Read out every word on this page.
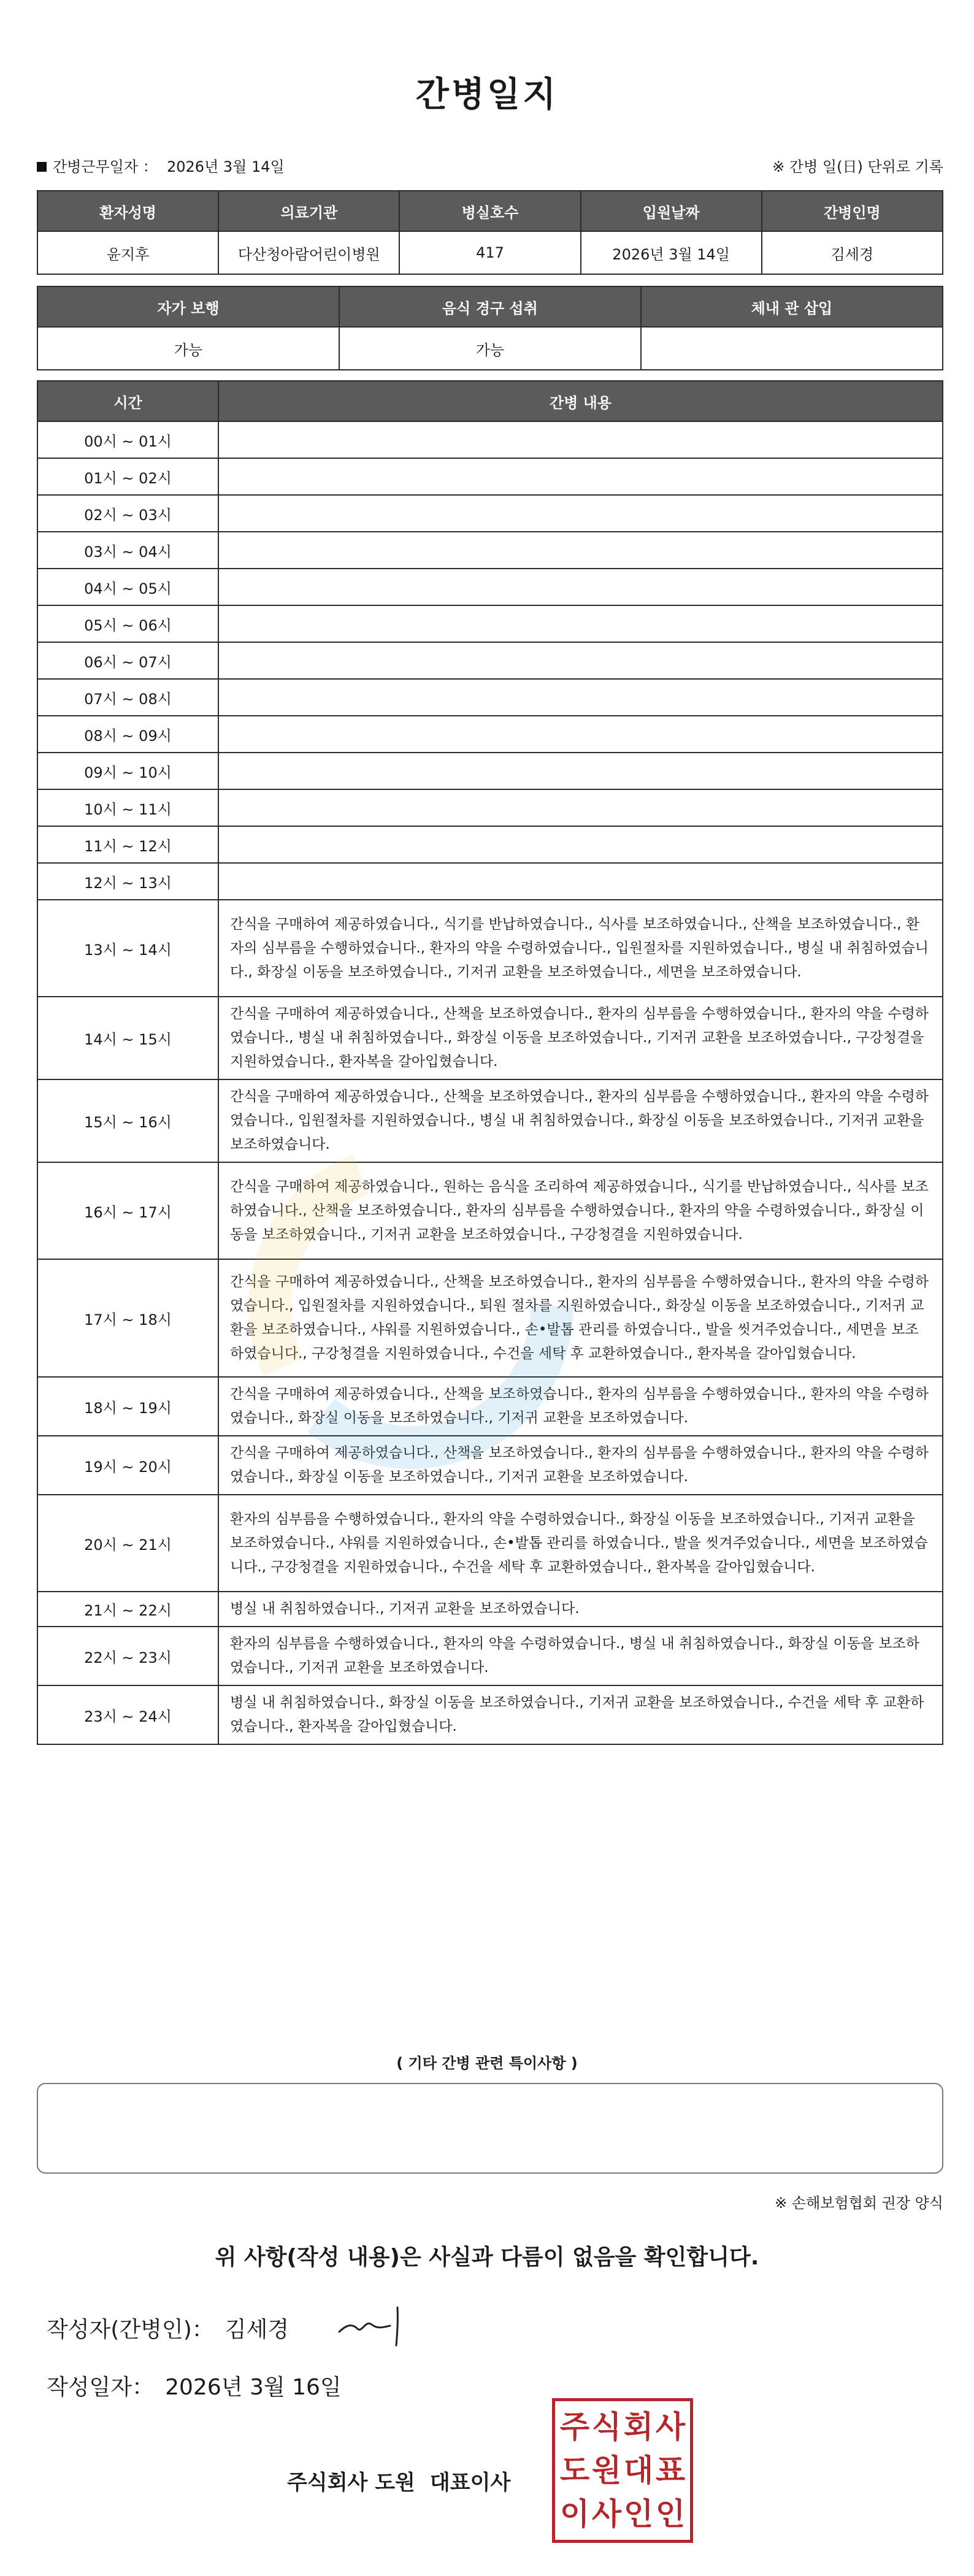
간병일지
간병근무일자 ： 2026년 3월 14일	※ 간병 일(日) 단위로 기록
환자성명	의료기관	병실호수	입원날짜	간병인명
윤지후	다산청아람어린이병원	417	2026년 3월 14일	김세경
자가 보행	음식 경구 섭취	체내 관 삽입
가능	가능	
시간	간병 내용
00시 ~ 01시	
01시 ~ 02시	
02시 ~ 03시	
03시 ~ 04시	
04시 ~ 05시	
05시 ~ 06시	
06시 ~ 07시	
07시 ~ 08시	
08시 ~ 09시	
09시 ~ 10시	
10시 ~ 11시	
11시 ~ 12시	
12시 ~ 13시	
13시 ~ 14시	간식을 구매하여 제공하였습니다., 식기를 반납하였습니다., 식사를 보조하였습니다., 산책을 보조하였습니다., 환자의 심부름을 수행하였습니다., 환자의 약을 수령하였습니다., 입원절차를 지원하였습니다., 병실 내 취침하였습니다., 화장실 이동을 보조하였습니다., 기저귀 교환을 보조하였습니다., 세면을 보조하였습니다.
14시 ~ 15시	간식을 구매하여 제공하였습니다., 산책을 보조하였습니다., 환자의 심부름을 수행하였습니다., 환자의 약을 수령하였습니다., 병실 내 취침하였습니다., 화장실 이동을 보조하였습니다., 기저귀 교환을 보조하였습니다., 구강청결을 지원하였습니다., 환자복을 갈아입혔습니다.
15시 ~ 16시	간식을 구매하여 제공하였습니다., 산책을 보조하였습니다., 환자의 심부름을 수행하였습니다., 환자의 약을 수령하였습니다., 입원절차를 지원하였습니다., 병실 내 취침하였습니다., 화장실 이동을 보조하였습니다., 기저귀 교환을 보조하였습니다.
16시 ~ 17시	간식을 구매하여 제공하였습니다., 원하는 음식을 조리하여 제공하였습니다., 식기를 반납하였습니다., 식사를 보조하였습니다., 산책을 보조하였습니다., 환자의 심부름을 수행하였습니다., 환자의 약을 수령하였습니다., 화장실 이동을 보조하였습니다., 기저귀 교환을 보조하였습니다., 구강청결을 지원하였습니다.
17시 ~ 18시	간식을 구매하여 제공하였습니다., 산책을 보조하였습니다., 환자의 심부름을 수행하였습니다., 환자의 약을 수령하였습니다., 입원절차를 지원하였습니다., 퇴원 절차를 지원하였습니다., 화장실 이동을 보조하였습니다., 기저귀 교환을 보조하였습니다., 샤워를 지원하였습니다., 손•발톱 관리를 하였습니다., 발을 씻겨주었습니다., 세면을 보조하였습니다., 구강청결을 지원하였습니다., 수건을 세탁 후 교환하였습니다., 환자복을 갈아입혔습니다.
18시 ~ 19시	간식을 구매하여 제공하였습니다., 산책을 보조하였습니다., 환자의 심부름을 수행하였습니다., 환자의 약을 수령하였습니다., 화장실 이동을 보조하였습니다., 기저귀 교환을 보조하였습니다.
19시 ~ 20시	간식을 구매하여 제공하였습니다., 산책을 보조하였습니다., 환자의 심부름을 수행하였습니다., 환자의 약을 수령하였습니다., 화장실 이동을 보조하였습니다., 기저귀 교환을 보조하였습니다.
20시 ~ 21시	환자의 심부름을 수행하였습니다., 환자의 약을 수령하였습니다., 화장실 이동을 보조하였습니다., 기저귀 교환을 보조하였습니다., 샤워를 지원하였습니다., 손•발톱 관리를 하였습니다., 발을 씻겨주었습니다., 세면을 보조하였습니다., 구강청결을 지원하였습니다., 수건을 세탁 후 교환하였습니다., 환자복을 갈아입혔습니다.
21시 ~ 22시	병실 내 취침하였습니다., 기저귀 교환을 보조하였습니다.
22시 ~ 23시	환자의 심부름을 수행하였습니다., 환자의 약을 수령하였습니다., 병실 내 취침하였습니다., 화장실 이동을 보조하였습니다., 기저귀 교환을 보조하였습니다.
23시 ~ 24시	병실 내 취침하였습니다., 화장실 이동을 보조하였습니다., 기저귀 교환을 보조하였습니다., 수건을 세탁 후 교환하였습니다., 환자복을 갈아입혔습니다.
( 기타 간병 관련 특이사항 )
※ 손해보험협회 권장 양식
위 사항(작성 내용)은 사실과 다름이 없음을 확인합니다.
작성자(간병인)： 김세경
작성일자： 2026년 3월 16일
주식회사 도원 대표이사
주 식 회 사
도 원 대 표
이 사 인 인
